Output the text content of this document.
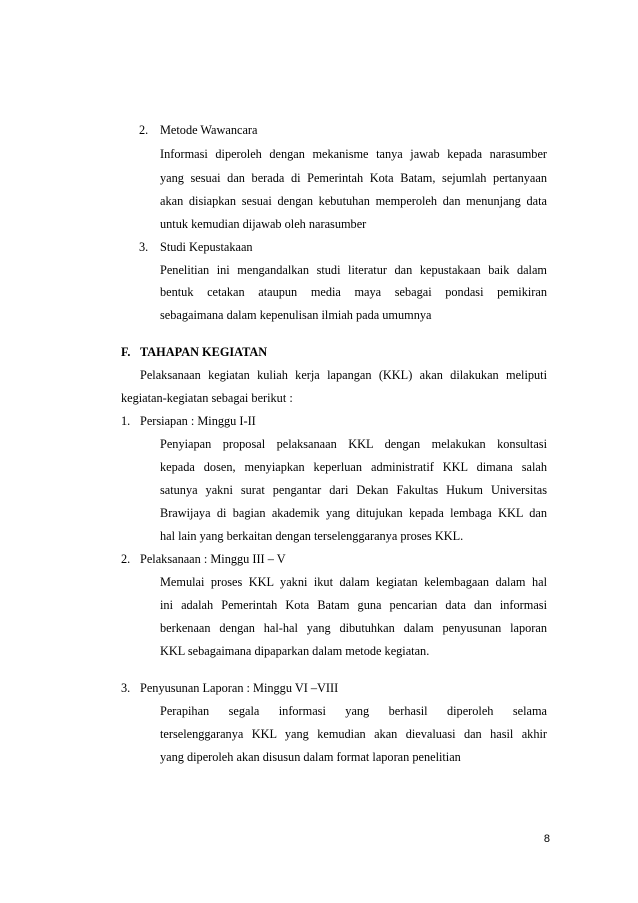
2. Metode Wawancara
Informasi diperoleh dengan mekanisme tanya jawab kepada narasumber
yang sesuai dan berada di Pemerintah Kota Batam, sejumlah pertanyaan
akan disiapkan sesuai dengan kebutuhan memperoleh dan menunjang data
untuk kemudian dijawab oleh narasumber
3. Studi Kepustakaan
Penelitian ini mengandalkan studi literatur dan kepustakaan baik dalam
bentuk cetakan ataupun media maya sebagai pondasi pemikiran
sebagaimana dalam kepenulisan ilmiah pada umumnya
F. TAHAPAN KEGIATAN
Pelaksanaan kegiatan kuliah kerja lapangan (KKL) akan dilakukan meliputi
kegiatan-kegiatan sebagai berikut :
1. Persiapan : Minggu I-II
Penyiapan proposal pelaksanaan KKL dengan melakukan konsultasi
kepada dosen, menyiapkan keperluan administratif KKL dimana salah
satunya yakni surat pengantar dari Dekan Fakultas Hukum Universitas
Brawijaya di bagian akademik yang ditujukan kepada lembaga KKL dan
hal lain yang berkaitan dengan terselenggaranya proses KKL.
2. Pelaksanaan : Minggu III – V
Memulai proses KKL yakni ikut dalam kegiatan kelembagaan dalam hal
ini adalah Pemerintah Kota Batam guna pencarian data dan informasi
berkenaan dengan hal-hal yang dibutuhkan dalam penyusunan laporan
KKL sebagaimana dipaparkan dalam metode kegiatan.
3. Penyusunan Laporan : Minggu VI –VIII
Perapihan segala informasi yang berhasil diperoleh selama
terselenggaranya KKL yang kemudian akan dievaluasi dan hasil akhir
yang diperoleh akan disusun dalam format laporan penelitian
8
